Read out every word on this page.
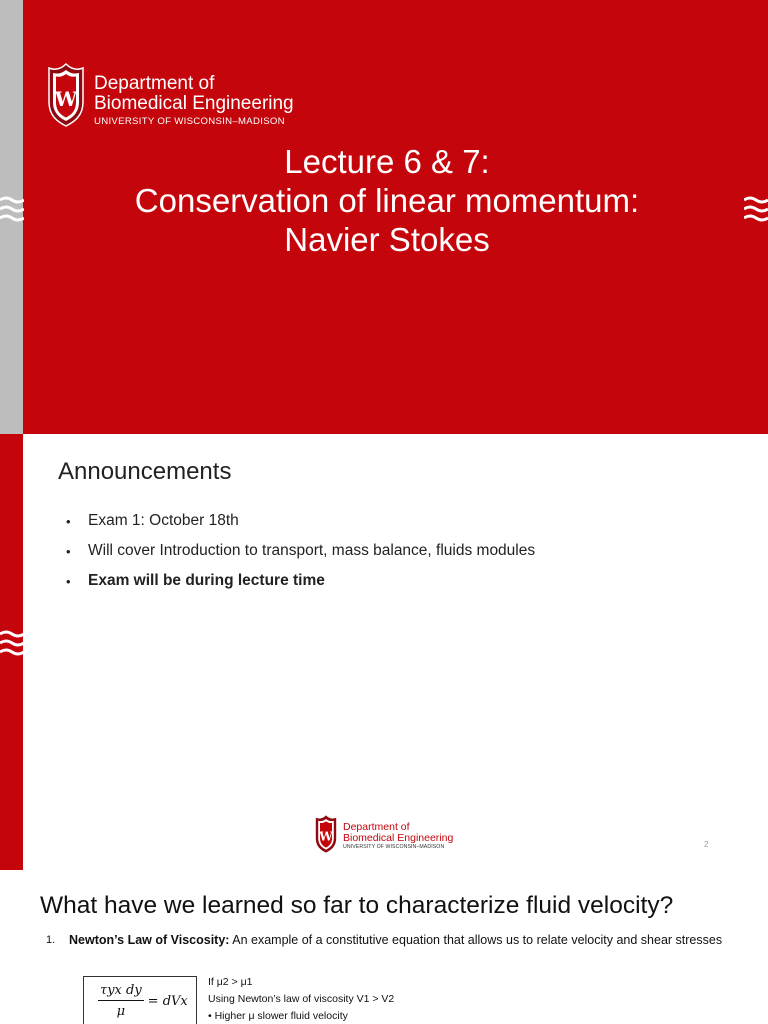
W
Department of
Biomedical Engineering
UNIVERSITY OF WISCONSIN–MADISON
Lecture 6 & 7:
Conservation of linear momentum:
Navier Stokes
Announcements
•	Exam 1: October 18th
•	Will cover Introduction to transport, mass balance, fluids modules
•	Exam will be during lecture time
W
Department of
Biomedical Engineering
UNIVERSITY OF WISCONSIN–MADISON	2
What have we learned so far to characterize fluid velocity?
1. Newton’s Law of Viscosity: An example of a constitutive equation that allows us to relate velocity and shear stresses
$\frac{\text{τyx dy}}{\mu}$ = dVx
If μ2 > μ1
Using Newton’s law of viscosity V1 > V2
• Higher μ slower fluid velocity
